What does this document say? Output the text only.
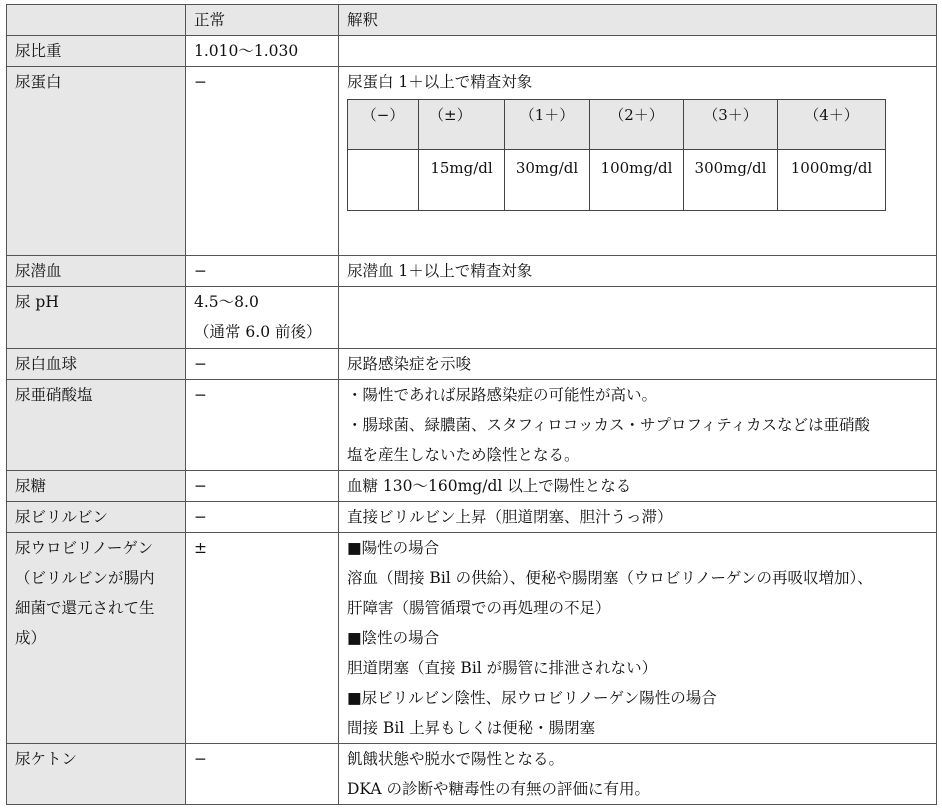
	正常	解釈
尿比重	1.010〜1.030	
尿蛋白	−	尿蛋白 1＋以上で精査対象
（−）	（±）	（1＋）	（2＋）	（3＋）	（4＋）
	15mg/dl	30mg/dl	100mg/dl	300mg/dl	1000mg/dl

尿潜血	−	尿潜血 1＋以上で精査対象
尿 pH	4.5〜8.0
（通常 6.0 前後）

尿白血球	−	尿路感染症を示唆
尿亜硝酸塩	−	・陽性であれば尿路感染症の可能性が高い。
・腸球菌、緑膿菌、スタフィロコッカス・サプロフィティカスなどは亜硝酸
塩を産生しないため陰性となる。

尿糖	−	血糖 130〜160mg/dl 以上で陽性となる
尿ビリルビン	−	直接ビリルビン上昇（胆道閉塞、胆汁うっ滞）

尿ウロビリノーゲン
（ビリルビンが腸内
細菌で還元されて生
成）
	±	■陽性の場合
溶血（間接 Bil の供給）、便秘や腸閉塞（ウロビリノーゲンの再吸収増加）、
肝障害（腸管循環での再処理の不足）
■陰性の場合
胆道閉塞（直接 Bil が腸管に排泄されない）
■尿ビリルビン陰性、尿ウロビリノーゲン陽性の場合
間接 Bil 上昇もしくは便秘・腸閉塞

尿ケトン	−	飢餓状態や脱水で陽性となる。
DKA の診断や糖毒性の有無の評価に有用。
